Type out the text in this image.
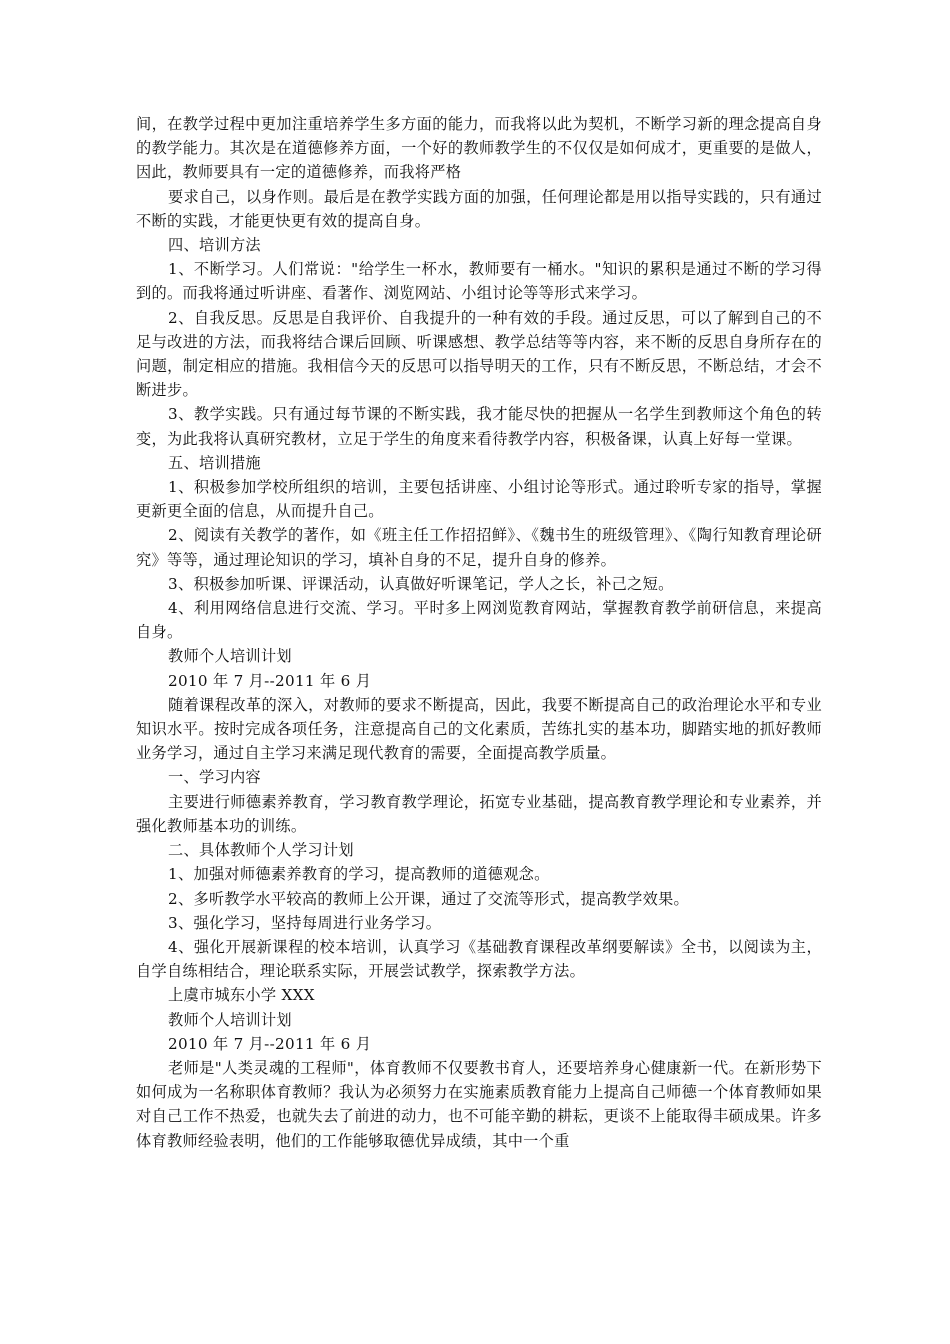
间，在教学过程中更加注重培养学生多方面的能力，而我将以此为契机，不断学习新的理念提高自身的教学能力。其次是在道德修养方面，一个好的教师教学生的不仅仅是如何成才，更重要的是做人，因此，教师要具有一定的道德修养，而我将严格

要求自己，以身作则。最后是在教学实践方面的加强，任何理论都是用以指导实践的，只有通过不断的实践，才能更快更有效的提高自身。

四、培训方法

1、不断学习。人们常说："给学生一杯水，教师要有一桶水。"知识的累积是通过不断的学习得到的。而我将通过听讲座、看著作、浏览网站、小组讨论等等形式来学习。

2、自我反思。反思是自我评价、自我提升的一种有效的手段。通过反思，可以了解到自己的不足与改进的方法，而我将结合课后回顾、听课感想、教学总结等等内容，来不断的反思自身所存在的问题，制定相应的措施。我相信今天的反思可以指导明天的工作，只有不断反思，不断总结，才会不断进步。

3、教学实践。只有通过每节课的不断实践，我才能尽快的把握从一名学生到教师这个角色的转变，为此我将认真研究教材，立足于学生的角度来看待教学内容，积极备课，认真上好每一堂课。

五、培训措施

1、积极参加学校所组织的培训，主要包括讲座、小组讨论等形式。通过聆听专家的指导，掌握更新更全面的信息，从而提升自己。

2、阅读有关教学的著作，如《班主任工作招招鲜》、《魏书生的班级管理》、《陶行知教育理论研究》等等，通过理论知识的学习，填补自身的不足，提升自身的修养。

3、积极参加听课、评课活动，认真做好听课笔记，学人之长，补己之短。

4、利用网络信息进行交流、学习。平时多上网浏览教育网站，掌握教育教学前研信息，来提高自身。

教师个人培训计划

2010 年 7 月--2011 年 6 月

随着课程改革的深入，对教师的要求不断提高，因此，我要不断提高自己的政治理论水平和专业知识水平。按时完成各项任务，注意提高自己的文化素质，苦练扎实的基本功，脚踏实地的抓好教师业务学习，通过自主学习来满足现代教育的需要，全面提高教学质量。

一、学习内容

主要进行师德素养教育，学习教育教学理论，拓宽专业基础，提高教育教学理论和专业素养，并强化教师基本功的训练。

二、具体教师个人学习计划

1、加强对师德素养教育的学习，提高教师的道德观念。

2、多听教学水平较高的教师上公开课，通过了交流等形式，提高教学效果。

3、强化学习，坚持每周进行业务学习。

4、强化开展新课程的校本培训，认真学习《基础教育课程改革纲要解读》全书，以阅读为主，自学自练相结合，理论联系实际，开展尝试教学，探索教学方法。

上虞市城东小学 XXX

教师个人培训计划

2010 年 7 月--2011 年 6 月

老师是"人类灵魂的工程师"，体育教师不仅要教书育人，还要培养身心健康新一代。在新形势下如何成为一名称职体育教师？我认为必须努力在实施素质教育能力上提高自己师德一个体育教师如果对自己工作不热爱，也就失去了前进的动力，也不可能辛勤的耕耘，更谈不上能取得丰硕成果。许多体育教师经验表明，他们的工作能够取德优异成绩，其中一个重
